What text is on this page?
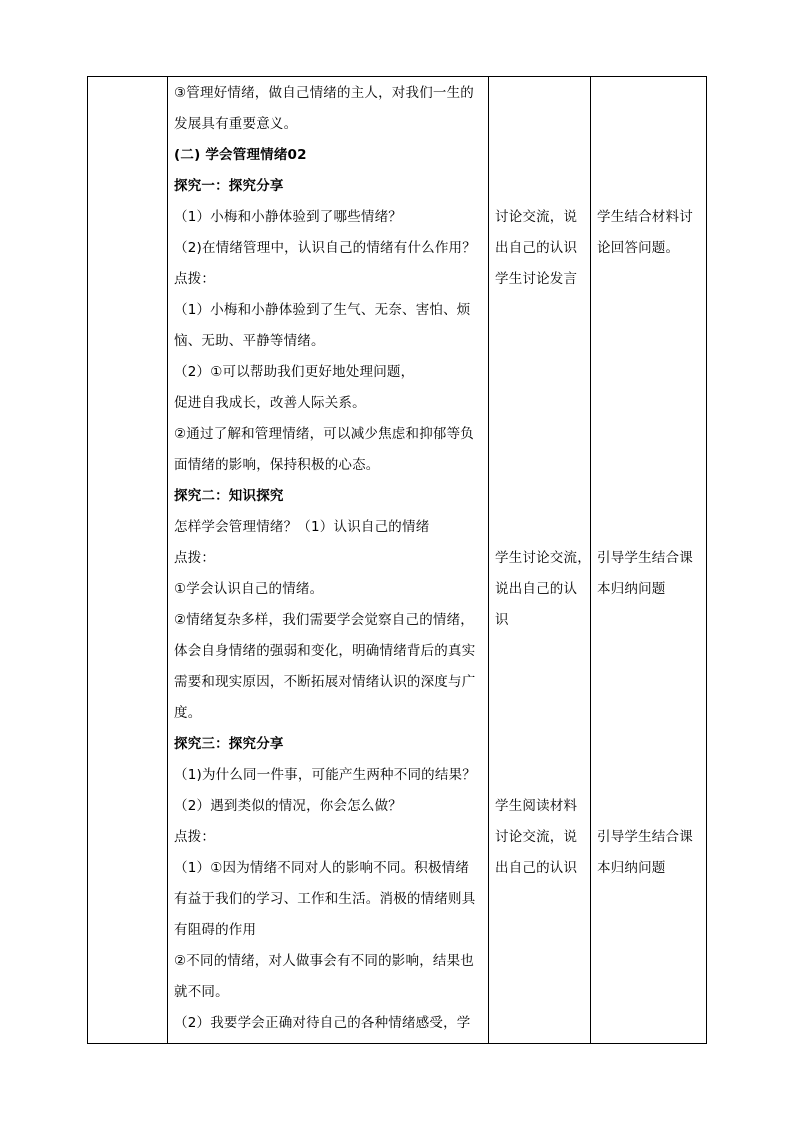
③管理好情绪，做自己情绪的主人，对我们一生的
发展具有重要意义。
(二) 学会管理情绪02
探究一：探究分享
（1）小梅和小静体验到了哪些情绪？
（2)在情绪管理中，认识自己的情绪有什么作用？
点拨：
（1）小梅和小静体验到了生气、无奈、害怕、烦
恼、无助、平静等情绪。
（2）①可以帮助我们更好地处理问题，
促进自我成长，改善人际关系。
②通过了解和管理情绪，可以减少焦虑和抑郁等负
面情绪的影响，保持积极的心态。
探究二：知识探究
怎样学会管理情绪？（1）认识自己的情绪
点拨：
①学会认识自己的情绪。
②情绪复杂多样，我们需要学会觉察自己的情绪，
体会自身情绪的强弱和变化，明确情绪背后的真实
需要和现实原因，不断拓展对情绪认识的深度与广
度。
探究三：探究分享
（1)为什么同一件事，可能产生两种不同的结果？
（2）遇到类似的情况，你会怎么做？
点拨：
（1）①因为情绪不同对人的影响不同。积极情绪
有益于我们的学习、工作和生活。消极的情绪则具
有阻碍的作用
②不同的情绪，对人做事会有不同的影响，结果也
就不同。
（2）我要学会正确对待自己的各种情绪感受，学
讨论交流，说
出自己的认识
学生讨论发言
学生讨论交流，
说出自己的认
识
学生阅读材料
讨论交流，说
出自己的认识
学生结合材料讨
论回答问题。
引导学生结合课
本归纳问题
引导学生结合课
本归纳问题
